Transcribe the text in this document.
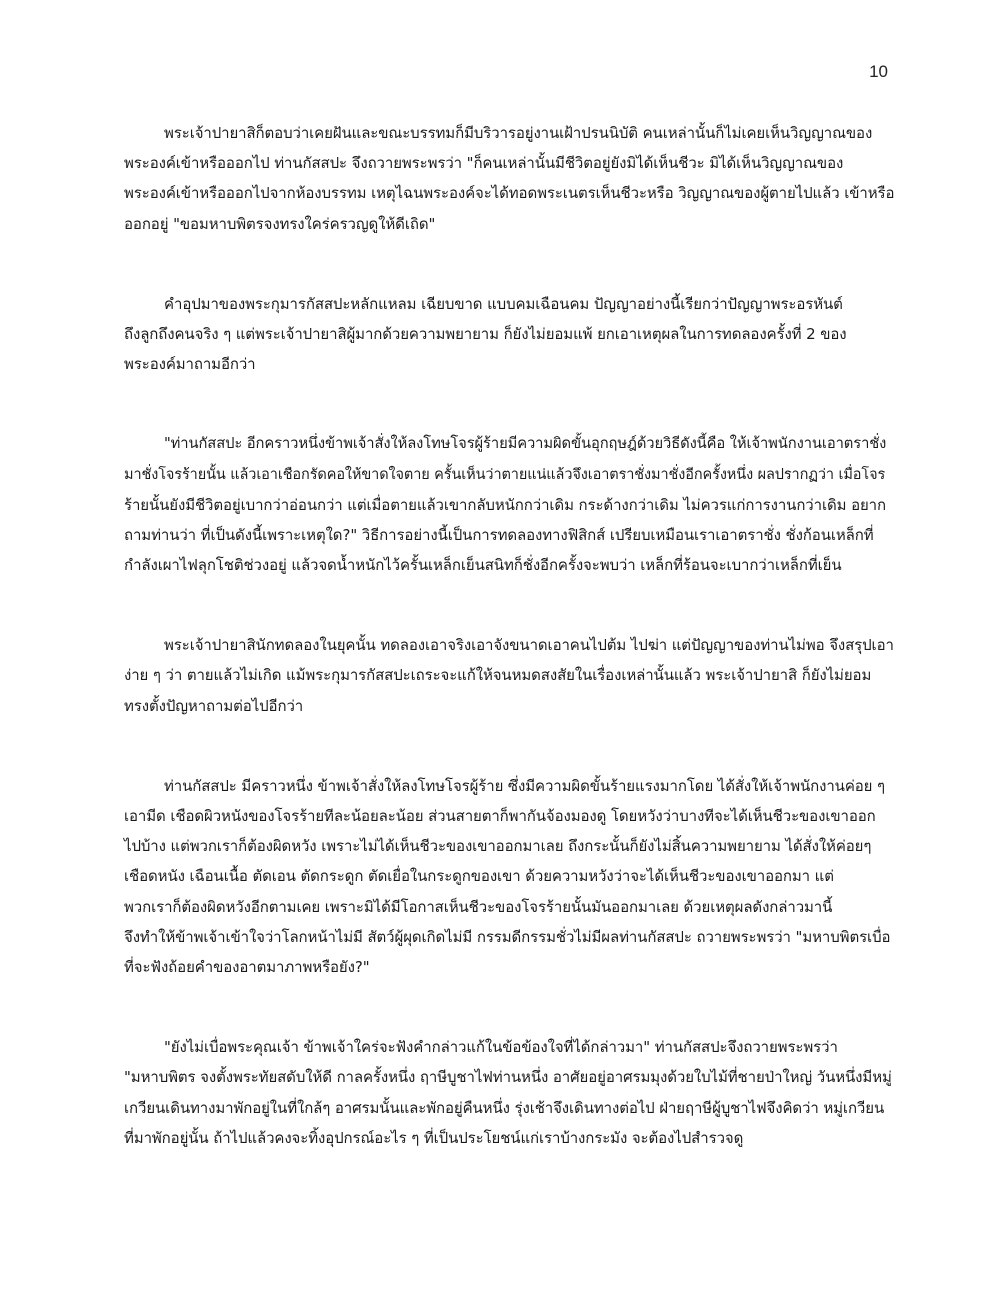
10
พระเจ้าปายาสิก็ตอบว่าเคยฝันและขณะบรรทมก็มีบริวารอยู่งานเฝ้าปรนนิบัติ คนเหล่านั้นก็ไม่เคยเห็นวิญญาณของ
พระองค์เข้าหรือออกไป ท่านกัสสปะ จึงถวายพระพรว่า "ก็คนเหล่านั้นมีชีวิตอยู่ยังมิได้เห็นชีวะ มิได้เห็นวิญญาณของ
พระองค์เข้าหรือออกไปจากห้องบรรทม เหตุไฉนพระองค์จะได้ทอดพระเนตรเห็นชีวะหรือ วิญญาณของผู้ตายไปแล้ว เข้าหรือ
ออกอยู่ "ขอมหาบพิตรจงทรงใคร่ครวญดูให้ดีเถิด"
คำอุปมาของพระกุมารกัสสปะหลักแหลม เฉียบขาด แบบคมเฉือนคม ปัญญาอย่างนี้เรียกว่าปัญญาพระอรหันต์
ถึงลูกถึงคนจริง ๆ แต่พระเจ้าปายาสิผู้มากด้วยความพยายาม ก็ยังไม่ยอมแพ้ ยกเอาเหตุผลในการทดลองครั้งที่ 2 ของ
พระองค์มาถามอีกว่า
"ท่านกัสสปะ อีกคราวหนึ่งข้าพเจ้าสั่งให้ลงโทษโจรผู้ร้ายมีความผิดขั้นอุกฤษฎ์ด้วยวิธีดังนี้คือ ให้เจ้าพนักงานเอาตราชั่ง
มาชั่งโจรร้ายนั้น แล้วเอาเชือกรัดคอให้ขาดใจตาย ครั้นเห็นว่าตายแน่แล้วจึงเอาตราชั่งมาชั่งอีกครั้งหนึ่ง ผลปรากฏว่า เมื่อโจร
ร้ายนั้นยังมีชีวิตอยู่เบากว่าอ่อนกว่า แต่เมื่อตายแล้วเขากลับหนักกว่าเดิม กระด้างกว่าเดิม ไม่ควรแก่การงานกว่าเดิม อยาก
ถามท่านว่า ที่เป็นดังนี้เพราะเหตุใด?" วิธีการอย่างนี้เป็นการทดลองทางฟิสิกส์ เปรียบเหมือนเราเอาตราชั่ง ชั่งก้อนเหล็กที่
กำลังเผาไฟลุกโชติช่วงอยู่ แล้วจดน้ำหนักไว้ครั้นเหล็กเย็นสนิทก็ชั่งอีกครั้งจะพบว่า เหล็กที่ร้อนจะเบากว่าเหล็กที่เย็น
พระเจ้าปายาสินักทดลองในยุคนั้น ทดลองเอาจริงเอาจังขนาดเอาคนไปต้ม ไปฆ่า แต่ปัญญาของท่านไม่พอ จึงสรุปเอา
ง่าย ๆ ว่า ตายแล้วไม่เกิด แม้พระกุมารกัสสปะเถระจะแก้ให้จนหมดสงสัยในเรื่องเหล่านั้นแล้ว พระเจ้าปายาสิ ก็ยังไม่ยอม
ทรงตั้งปัญหาถามต่อไปอีกว่า
ท่านกัสสปะ มีคราวหนึ่ง ข้าพเจ้าสั่งให้ลงโทษโจรผู้ร้าย ซึ่งมีความผิดขั้นร้ายแรงมากโดย ได้สั่งให้เจ้าพนักงานค่อย ๆ
เอามีด เชือดผิวหนังของโจรร้ายทีละน้อยละน้อย ส่วนสายตาก็พากันจ้องมองดู โดยหวังว่าบางทีจะได้เห็นชีวะของเขาออก
ไปบ้าง แต่พวกเราก็ต้องผิดหวัง เพราะไม่ได้เห็นชีวะของเขาออกมาเลย ถึงกระนั้นก็ยังไม่สิ้นความพยายาม ได้สั่งให้ค่อยๆ
เชือดหนัง เฉือนเนื้อ ตัดเอน ตัดกระดูก ตัดเยื่อในกระดูกของเขา ด้วยความหวังว่าจะได้เห็นชีวะของเขาออกมา แต่
พวกเราก็ต้องผิดหวังอีกตามเคย เพราะมิได้มีโอกาสเห็นชีวะของโจรร้ายนั้นมันออกมาเลย ด้วยเหตุผลดังกล่าวมานี้
จึงทำให้ข้าพเจ้าเข้าใจว่าโลกหน้าไม่มี สัตว์ผู้ผุดเกิดไม่มี กรรมดีกรรมชั่วไม่มีผลท่านกัสสปะ ถวายพระพรว่า "มหาบพิตรเบื่อ
ที่จะฟังถ้อยคำของอาตมาภาพหรือยัง?"
"ยังไม่เบื่อพระคุณเจ้า ข้าพเจ้าใคร่จะฟังคำกล่าวแก้ในข้อข้องใจที่ได้กล่าวมา" ท่านกัสสปะจึงถวายพระพรว่า
"มหาบพิตร จงตั้งพระทัยสดับให้ดี กาลครั้งหนึ่ง ฤาษีบูชาไฟท่านหนึ่ง อาศัยอยู่อาศรมมุงด้วยใบไม้ที่ชายป่าใหญ่ วันหนึ่งมีหมู่
เกวียนเดินทางมาพักอยู่ในที่ใกล้ๆ อาศรมนั้นและพักอยู่คืนหนึ่ง รุ่งเช้าจึงเดินทางต่อไป ฝ่ายฤาษีผู้บูชาไฟจึงคิดว่า หมู่เกวียน
ที่มาพักอยู่นั้น ถ้าไปแล้วคงจะทิ้งอุปกรณ์อะไร ๆ ที่เป็นประโยชน์แก่เราบ้างกระมัง จะต้องไปสำรวจดู
